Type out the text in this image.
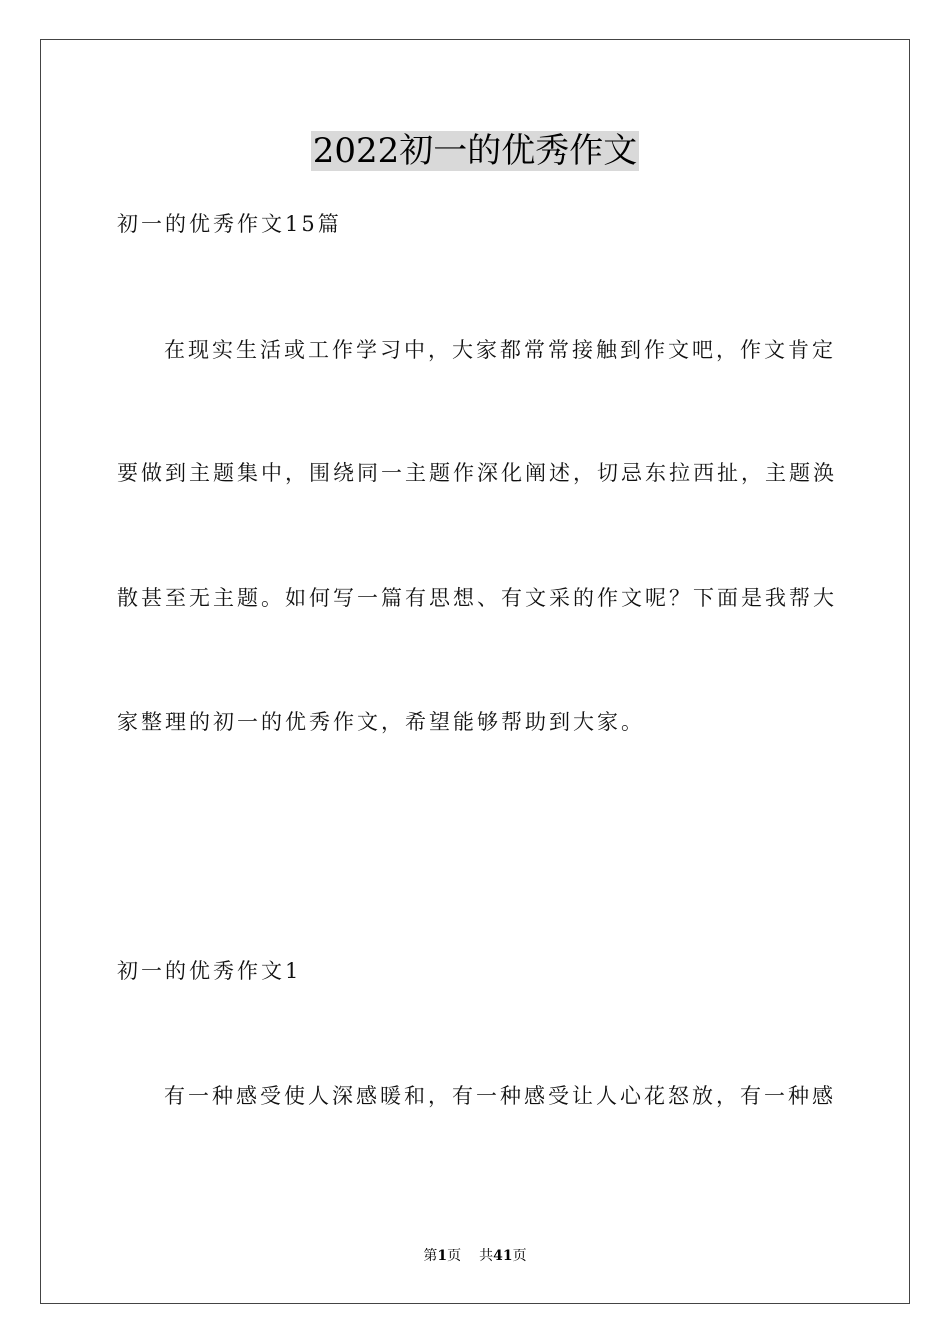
2022初一的优秀作文
初一的优秀作文15篇
在现实生活或工作学习中，大家都常常接触到作文吧，作文肯定
要做到主题集中，围绕同一主题作深化阐述，切忌东拉西扯，主题涣
散甚至无主题。如何写一篇有思想、有文采的作文呢？下面是我帮大
家整理的初一的优秀作文，希望能够帮助到大家。
初一的优秀作文1
有一种感受使人深感暖和，有一种感受让人心花怒放，有一种感
第1页 共41页
